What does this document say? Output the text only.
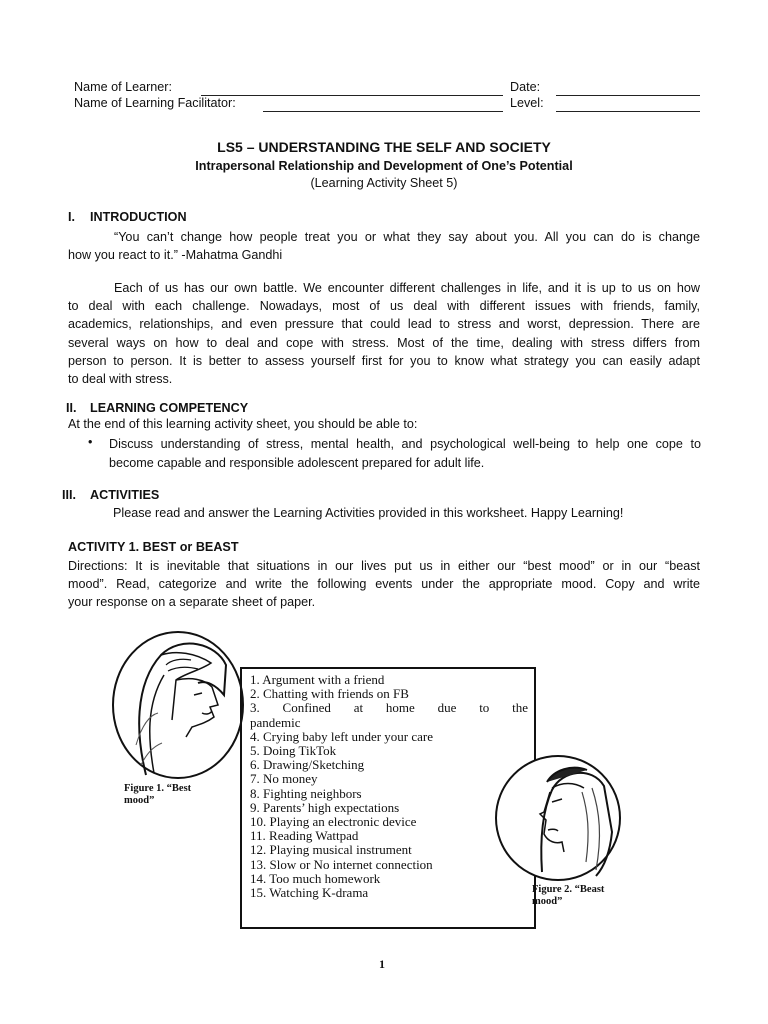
Name of Learner:	Date:
Name of Learning Facilitator:	Level:
LS5 – UNDERSTANDING THE SELF AND SOCIETY
Intrapersonal Relationship and Development of One’s Potential
(Learning Activity Sheet 5)
I. INTRODUCTION
“You can’t change how people treat you or what they say about you. All you can do is change
how you react to it.” -Mahatma Gandhi
Each of us has our own battle. We encounter different challenges in life, and it is up to us on how
to deal with each challenge. Nowadays, most of us deal with different issues with friends, family,
academics, relationships, and even pressure that could lead to stress and worst, depression. There are
several ways on how to deal and cope with stress. Most of the time, dealing with stress differs from
person to person. It is better to assess yourself first for you to know what strategy you can easily adapt
to deal with stress.
II. LEARNING COMPETENCY
At the end of this learning activity sheet, you should be able to:
• Discuss understanding of stress, mental health, and psychological well-being to help one cope to
become capable and responsible adolescent prepared for adult life.
III. ACTIVITIES
Please read and answer the Learning Activities provided in this worksheet. Happy Learning!
ACTIVITY 1. BEST or BEAST
Directions: It is inevitable that situations in our lives put us in either our “best mood” or in our “beast
mood”. Read, categorize and write the following events under the appropriate mood. Copy and write
your response on a separate sheet of paper.
Figure 1. “Best
mood”
1. Argument with a friend
2. Chatting with friends on FB
3. Confined at home due to the
pandemic
4. Crying baby left under your care
5. Doing TikTok
6. Drawing/Sketching
7. No money
8. Fighting neighbors
9. Parents’ high expectations
10. Playing an electronic device
11. Reading Wattpad
12. Playing musical instrument
13. Slow or No internet connection
14. Too much homework
15. Watching K-drama	Figure 2. “Beast
mood”
1
